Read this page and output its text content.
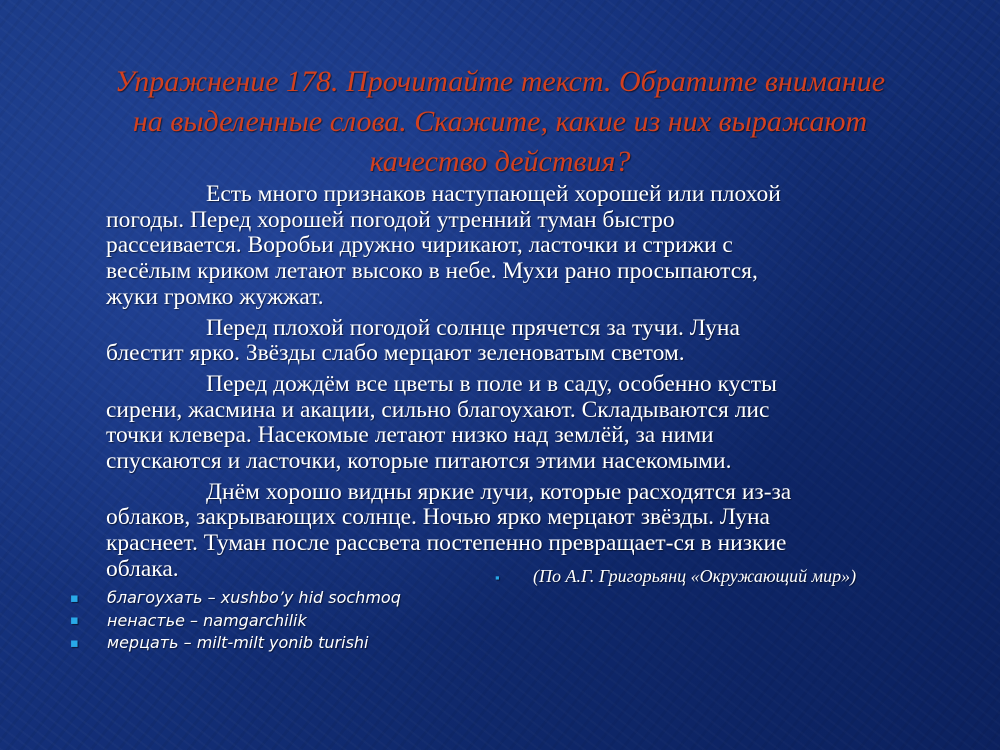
Упражнение 178. Прочитайте текст. Обратите внимание
на выделенные слова. Скажите, какие из них выражают
качество действия?

Есть много признаков наступающей хорошей или плохой
погоды. Перед хорошей погодой утренний туман быстро
рассеивается. Воробьи дружно чирикают, ласточки и стрижи с
весёлым криком летают высоко в небе. Мухи рано просыпаются,
жуки громко жужжат.

Перед плохой погодой солнце прячется за тучи. Луна
блестит ярко. Звёзды слабо мерцают зеленоватым светом.

Перед дождём все цветы в поле и в саду, особенно кусты
сирени, жасмина и акации, сильно благоухают. Складываются лис
точки клевера. Насекомые летают низко над землёй, за ними
спускаются и ласточки, которые питаются этими насекомыми.

Днём хорошо видны яркие лучи, которые расходятся из-за
облаков, закрывающих солнце. Ночью ярко мерцают звёзды. Луна
краснеет. Туман после рассвета постепенно превращает-ся в низкие
облака.	▪ (По А.Г. Григорьянц «Окружающий мир»)
▪ благоухать – xushbo’y hid sochmoq
▪ ненастье – namgarchilik
▪ мерцать – milt-milt yonib turishi
